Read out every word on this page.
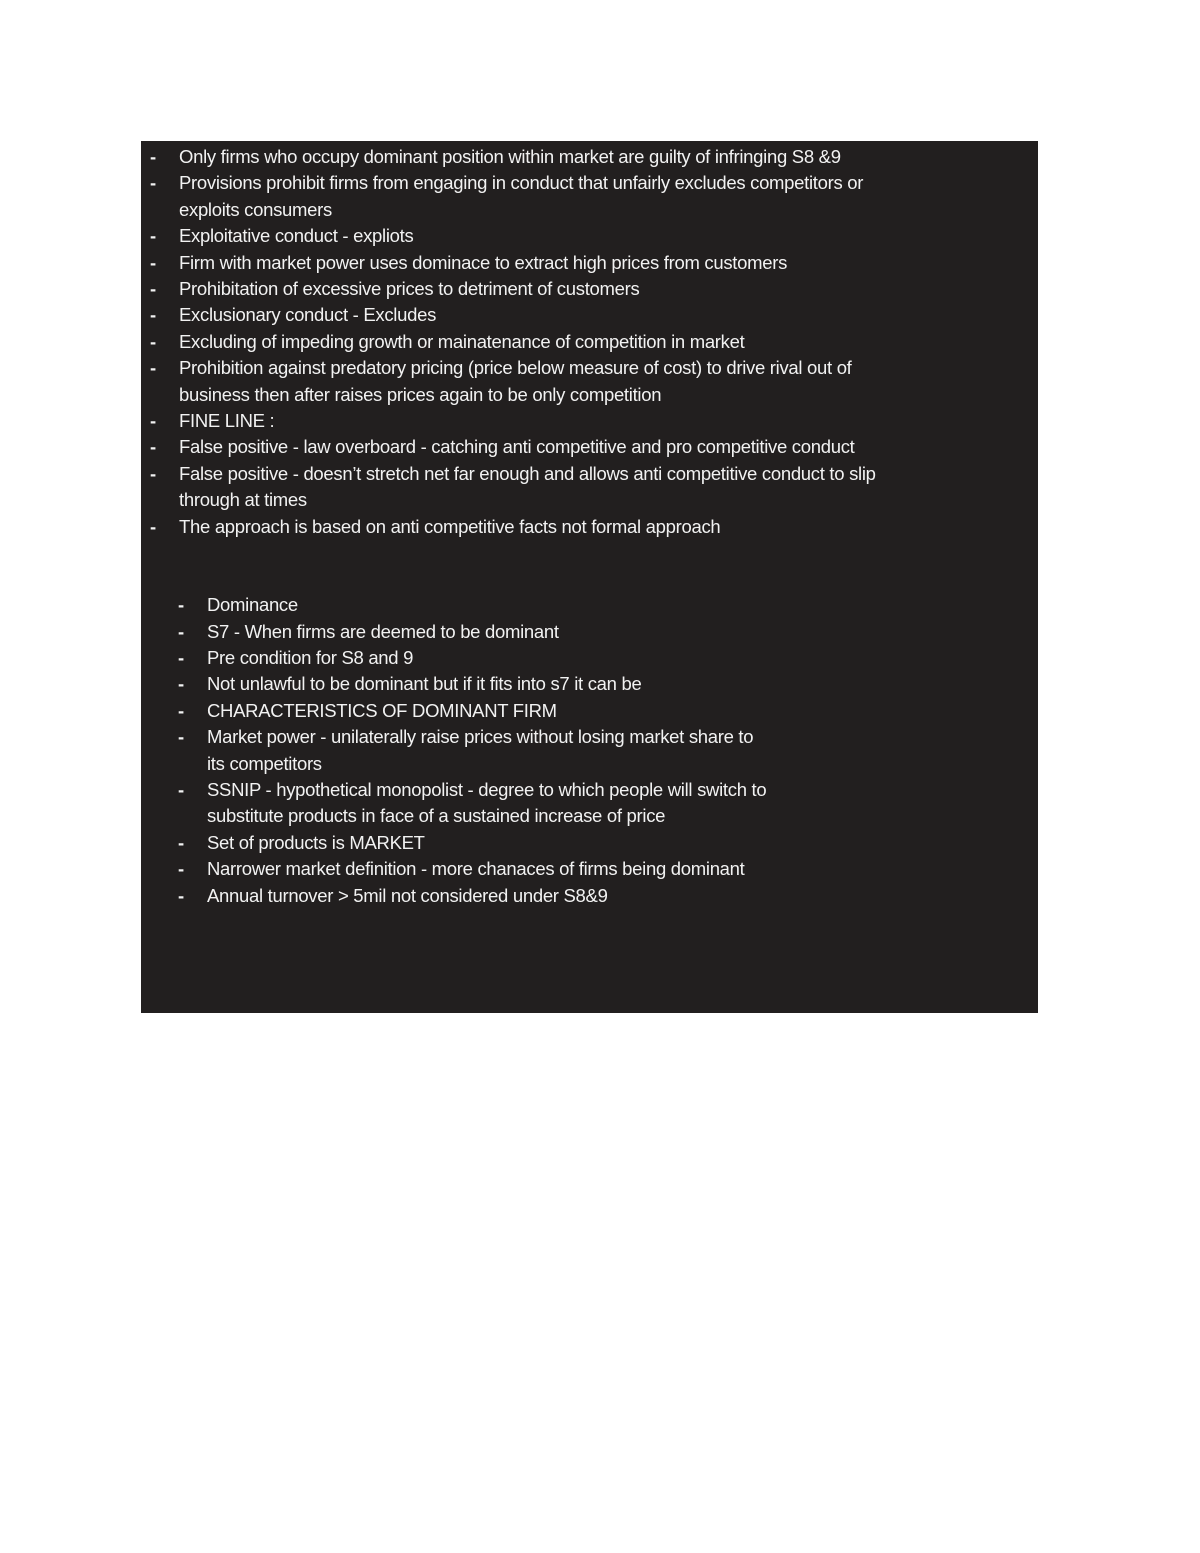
- Only firms who occupy dominant position within market are guilty of infringing S8 &9
- Provisions prohibit firms from engaging in conduct that unfairly excludes competitors or exploits consumers
- Exploitative conduct - expliots
- Firm with market power uses dominace to extract high prices from customers
- Prohibitation of excessive prices to detriment of customers
- Exclusionary conduct - Excludes
- Excluding of impeding growth or mainatenance of competition in market
- Prohibition against predatory pricing (price below measure of cost) to drive rival out of business then after raises prices again to be only competition
- FINE LINE :
- False positive - law overboard - catching anti competitive and pro competitive conduct
- False positive - doesn’t stretch net far enough and allows anti competitive conduct to slip through at times
- The approach is based on anti competitive facts not formal approach
- Dominance
- S7 - When firms are deemed to be dominant
- Pre condition for S8 and 9
- Not unlawful to be dominant but if it fits into s7 it can be
- CHARACTERISTICS OF DOMINANT FIRM
- Market power - unilaterally raise prices without losing market share to its competitors
- SSNIP - hypothetical monopolist - degree to which people will switch to substitute products in face of a sustained increase of price
- Set of products is MARKET
- Narrower market definition - more chanaces of firms being dominant
- Annual turnover > 5mil not considered under S8&9
